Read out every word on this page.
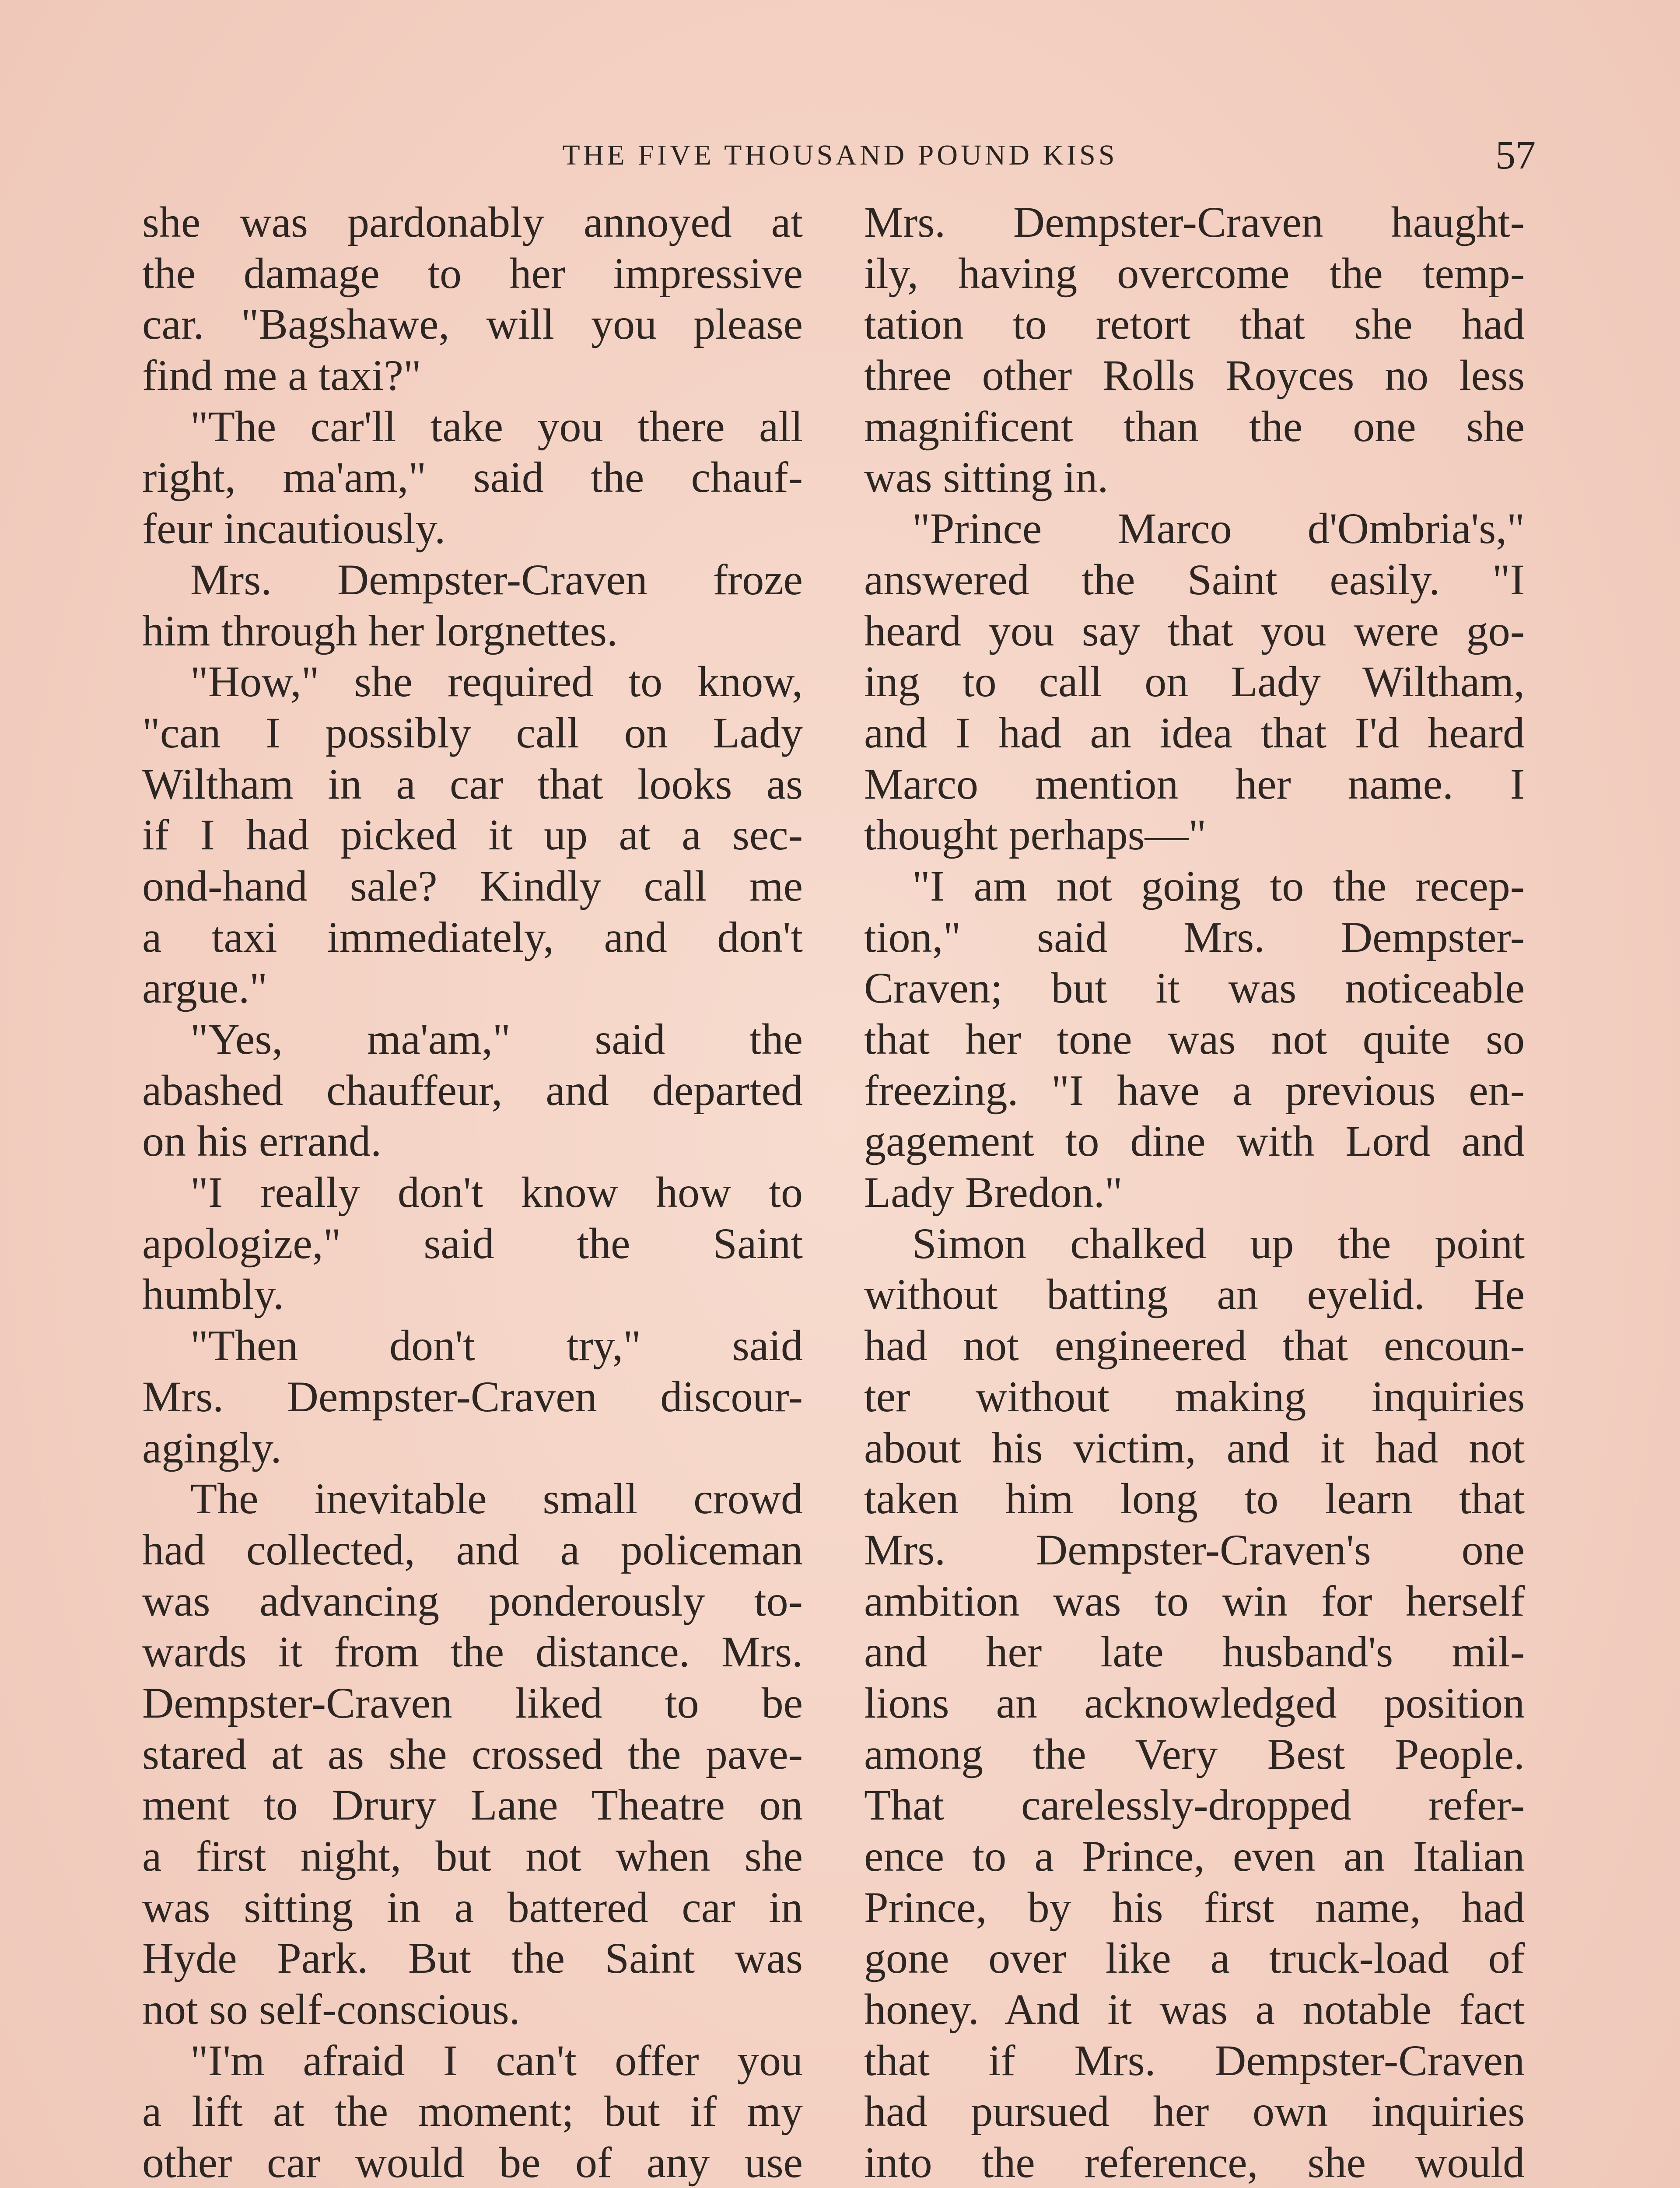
THE FIVE THOUSAND POUND KISS	57
she was pardonably annoyed at
the damage to her impressive
car. "Bagshawe, will you please
find me a taxi?"
"The car'll take you there all
right, ma'am," said the chauf-
feur incautiously.
Mrs. Dempster-Craven froze
him through her lorgnettes.
"How," she required to know,
"can I possibly call on Lady
Wiltham in a car that looks as
if I had picked it up at a sec-
ond-hand sale? Kindly call me
a taxi immediately, and don't
argue."
"Yes, ma'am," said the
abashed chauffeur, and departed
on his errand.
"I really don't know how to
apologize," said the Saint
humbly.
"Then don't try," said
Mrs. Dempster-Craven discour-
agingly.
The inevitable small crowd
had collected, and a policeman
was advancing ponderously to-
wards it from the distance. Mrs.
Dempster-Craven liked to be
stared at as she crossed the pave-
ment to Drury Lane Theatre on
a first night, but not when she
was sitting in a battered car in
Hyde Park. But the Saint was
not so self-conscious.
"I'm afraid I can't offer you
a lift at the moment; but if my
other car would be of any use
Mrs. Dempster-Craven haught-
ily, having overcome the temp-
tation to retort that she had
three other Rolls Royces no less
magnificent than the one she
was sitting in.
"Prince Marco d'Ombria's,"
answered the Saint easily. "I
heard you say that you were go-
ing to call on Lady Wiltham,
and I had an idea that I'd heard
Marco mention her name. I
thought perhaps—"
"I am not going to the recep-
tion," said Mrs. Dempster-
Craven; but it was noticeable
that her tone was not quite so
freezing. "I have a previous en-
gagement to dine with Lord and
Lady Bredon."
Simon chalked up the point
without batting an eyelid. He
had not engineered that encoun-
ter without making inquiries
about his victim, and it had not
taken him long to learn that
Mrs. Dempster-Craven's one
ambition was to win for herself
and her late husband's mil-
lions an acknowledged position
among the Very Best People.
That carelessly-dropped refer-
ence to a Prince, even an Italian
Prince, by his first name, had
gone over like a truck-load of
honey. And it was a notable fact
that if Mrs. Dempster-Craven
had pursued her own inquiries
into the reference, she would
